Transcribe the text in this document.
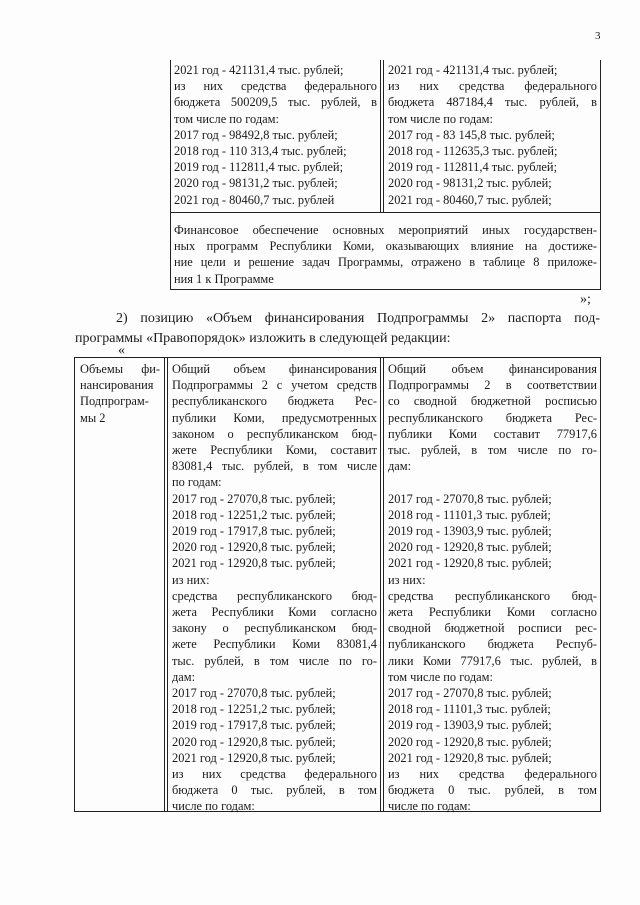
3
2021 год - 421131,4 тыс. рублей;
из них средства федерального
бюджета 500209,5 тыс. рублей, в
том числе по годам:
2017 год - 98492,8 тыс. рублей;
2018 год - 110 313,4 тыс. рублей;
2019 год - 112811,4 тыс. рублей;
2020 год - 98131,2 тыс. рублей;
2021 год - 80460,7 тыс. рублей
2021 год - 421131,4 тыс. рублей;
из них средства федерального
бюджета 487184,4 тыс. рублей, в
том числе по годам:
2017 год - 83 145,8 тыс. рублей;
2018 год - 112635,3 тыс. рублей;
2019 год - 112811,4 тыс. рублей;
2020 год - 98131,2 тыс. рублей;
2021 год - 80460,7 тыс. рублей;
Финансовое обеспечение основных мероприятий иных государствен-
ных программ Республики Коми, оказывающих влияние на достиже-
ние цели и решение задач Программы, отражено в таблице 8 приложе-
ния 1 к Программе
»;
2) позицию «Объем финансирования Подпрограммы 2» паспорта под-
программы «Правопорядок» изложить в следующей редакции:
«
Объемы фи-
нансирования
Подпрограм-
мы 2
Общий объем финансирования
Подпрограммы 2 с учетом средств
республиканского бюджета Рес-
публики Коми, предусмотренных
законом о республиканском бюд-
жете Республики Коми, составит
83081,4 тыс. рублей, в том числе
по годам:
2017 год - 27070,8 тыс. рублей;
2018 год - 12251,2 тыс. рублей;
2019 год - 17917,8 тыс. рублей;
2020 год - 12920,8 тыс. рублей;
2021 год - 12920,8 тыс. рублей;
из них:
средства республиканского бюд-
жета Республики Коми согласно
закону о республиканском бюд-
жете Республики Коми 83081,4
тыс. рублей, в том числе по го-
дам:
2017 год - 27070,8 тыс. рублей;
2018 год - 12251,2 тыс. рублей;
2019 год - 17917,8 тыс. рублей;
2020 год - 12920,8 тыс. рублей;
2021 год - 12920,8 тыс. рублей;
из них средства федерального
бюджета 0 тыс. рублей, в том
числе по годам:
Общий объем финансирования
Подпрограммы 2 в соответствии
со сводной бюджетной росписью
республиканского бюджета Рес-
публики Коми составит 77917,6
тыс. рублей, в том числе по го-
дам:

2017 год - 27070,8 тыс. рублей;
2018 год - 11101,3 тыс. рублей;
2019 год - 13903,9 тыс. рублей;
2020 год - 12920,8 тыс. рублей;
2021 год - 12920,8 тыс. рублей;
из них:
средства республиканского бюд-
жета Республики Коми согласно
сводной бюджетной росписи рес-
публиканского бюджета Респуб-
лики Коми 77917,6 тыс. рублей, в
том числе по годам:
2017 год - 27070,8 тыс. рублей;
2018 год - 11101,3 тыс. рублей;
2019 год - 13903,9 тыс. рублей;
2020 год - 12920,8 тыс. рублей;
2021 год - 12920,8 тыс. рублей;
из них средства федерального
бюджета 0 тыс. рублей, в том
числе по годам:
